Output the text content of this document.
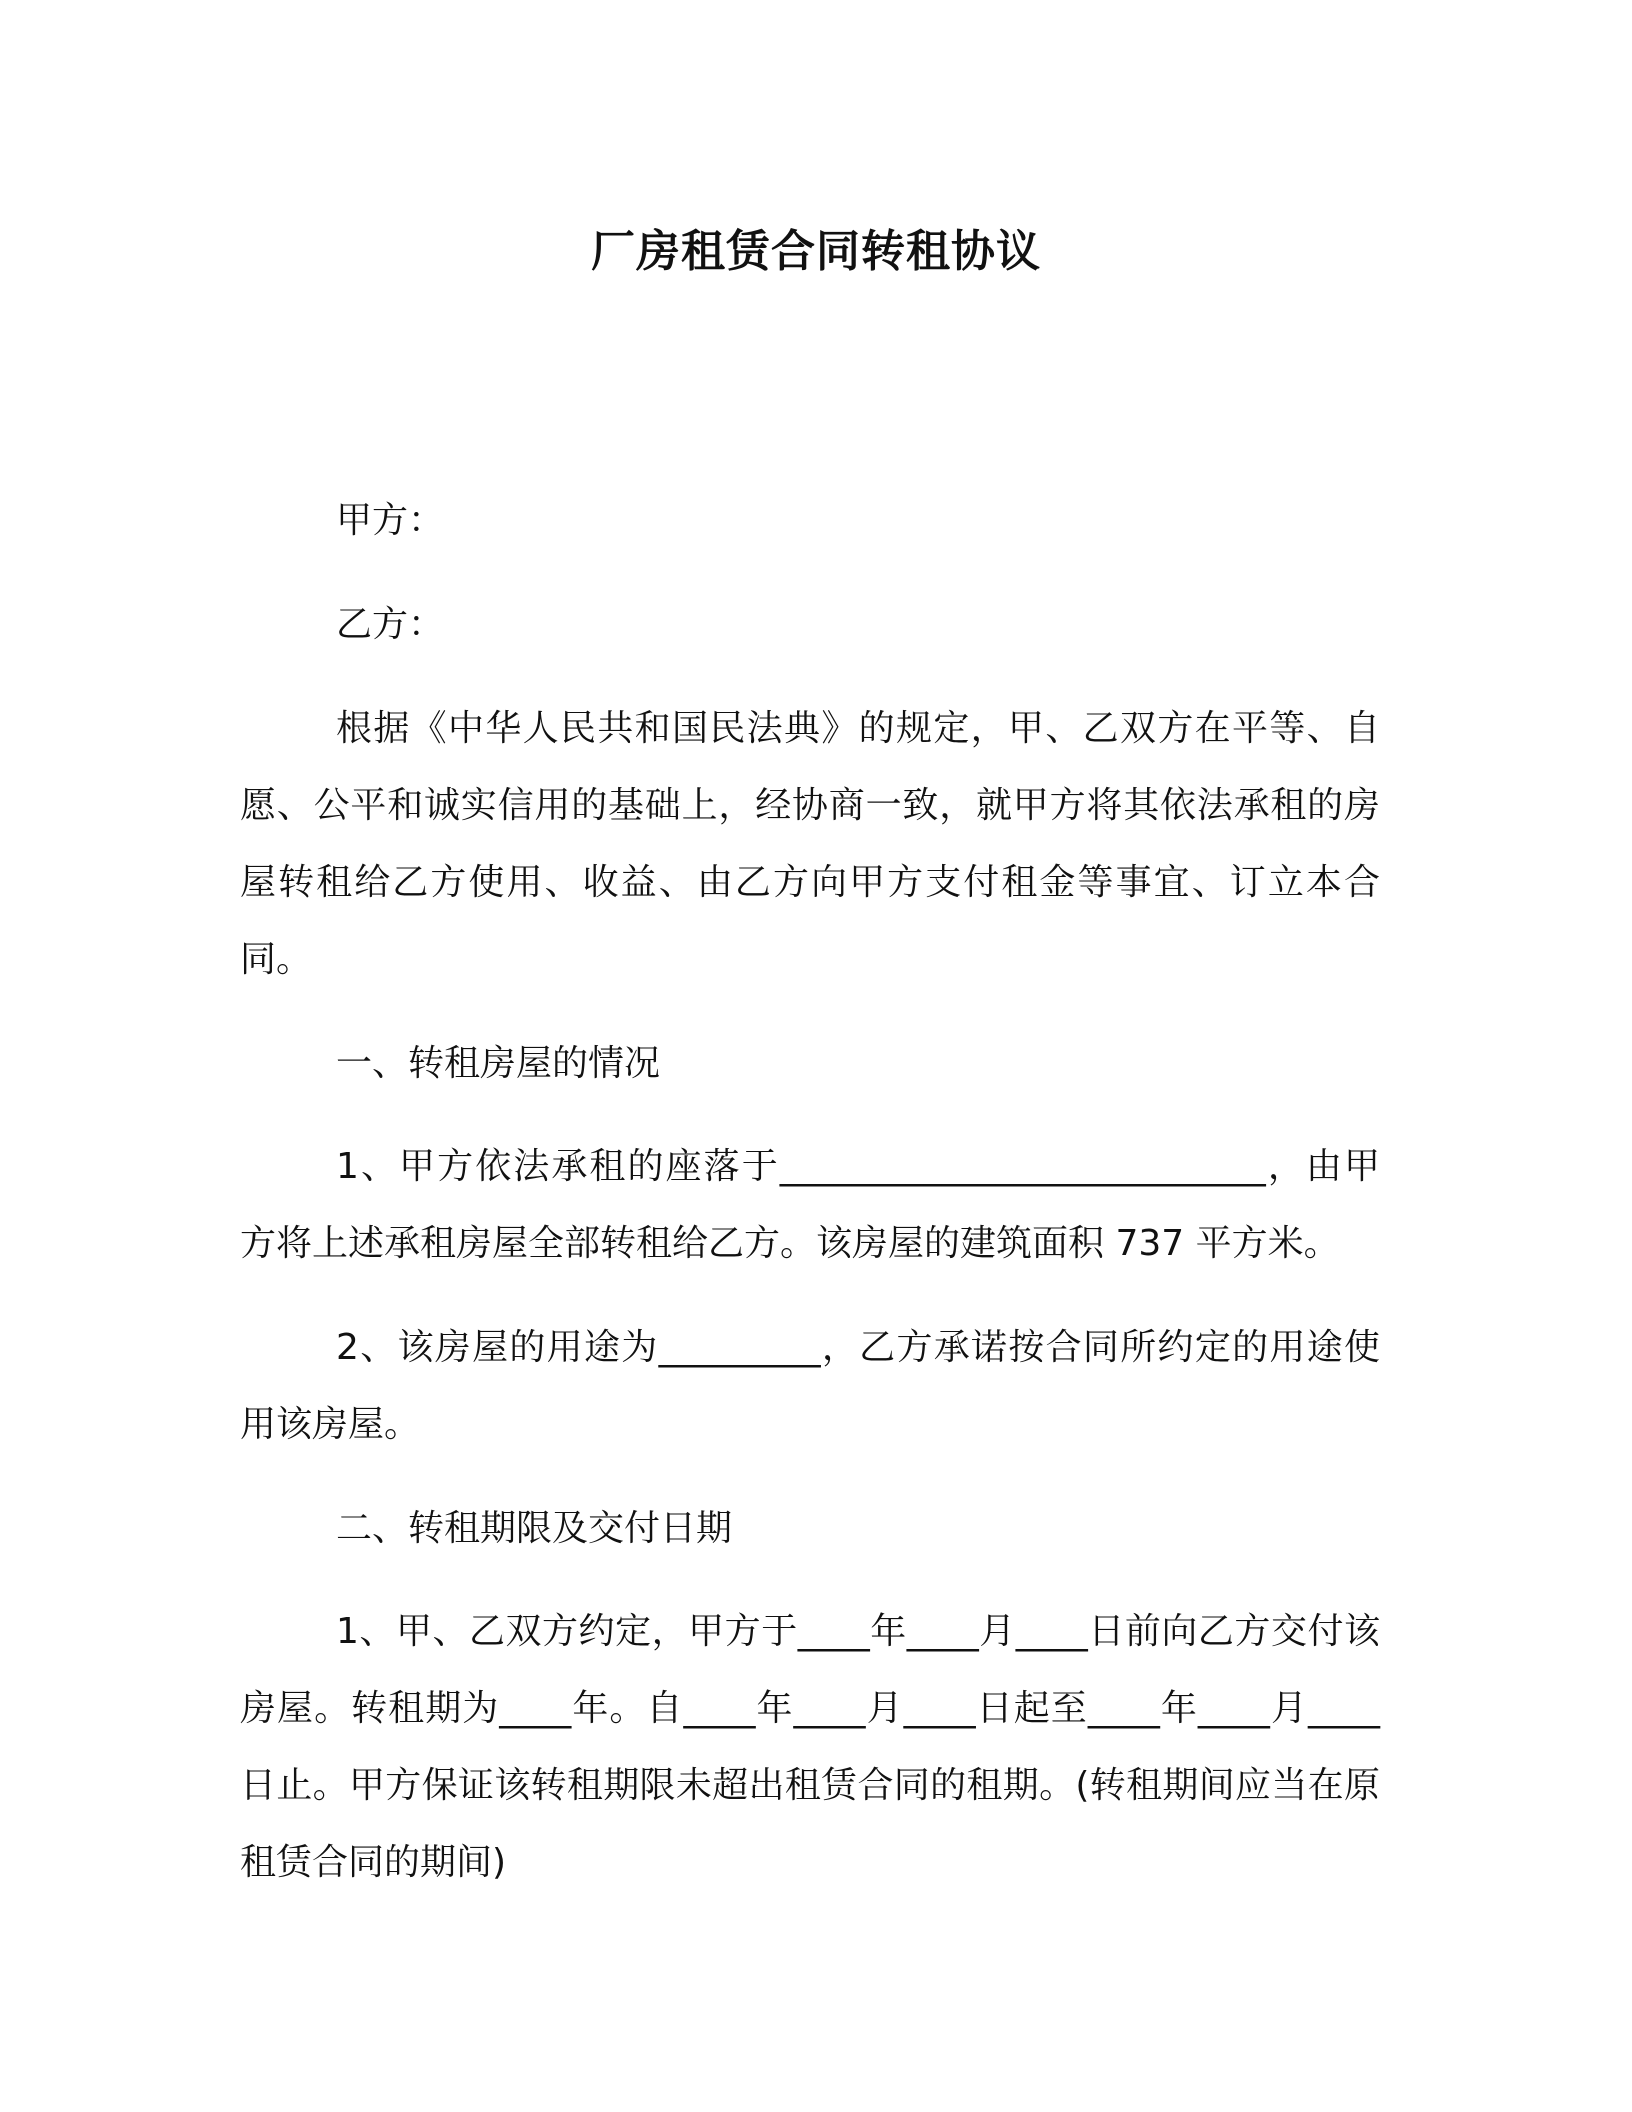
厂房租赁合同转租协议
甲方：
乙方：
根据《中华人民共和国民法典》的规定，甲、乙双方在平等、自愿、公平和诚实信用的基础上，经协商一致，就甲方将其依法承租的房屋转租给乙方使用、收益、由乙方向甲方支付租金等事宜、订立本合同。
一、转租房屋的情况
1、甲方依法承租的座落于___________________________，由甲方将上述承租房屋全部转租给乙方。该房屋的建筑面积 737 平方米。
2、该房屋的用途为_________，乙方承诺按合同所约定的用途使用该房屋。
二、转租期限及交付日期
1、甲、乙双方约定，甲方于____年____月____日前向乙方交付该房屋。转租期为____年。自____年____月____日起至____年____月____日止。甲方保证该转租期限未超出租赁合同的租期。(转租期间应当在原租赁合同的期间)
